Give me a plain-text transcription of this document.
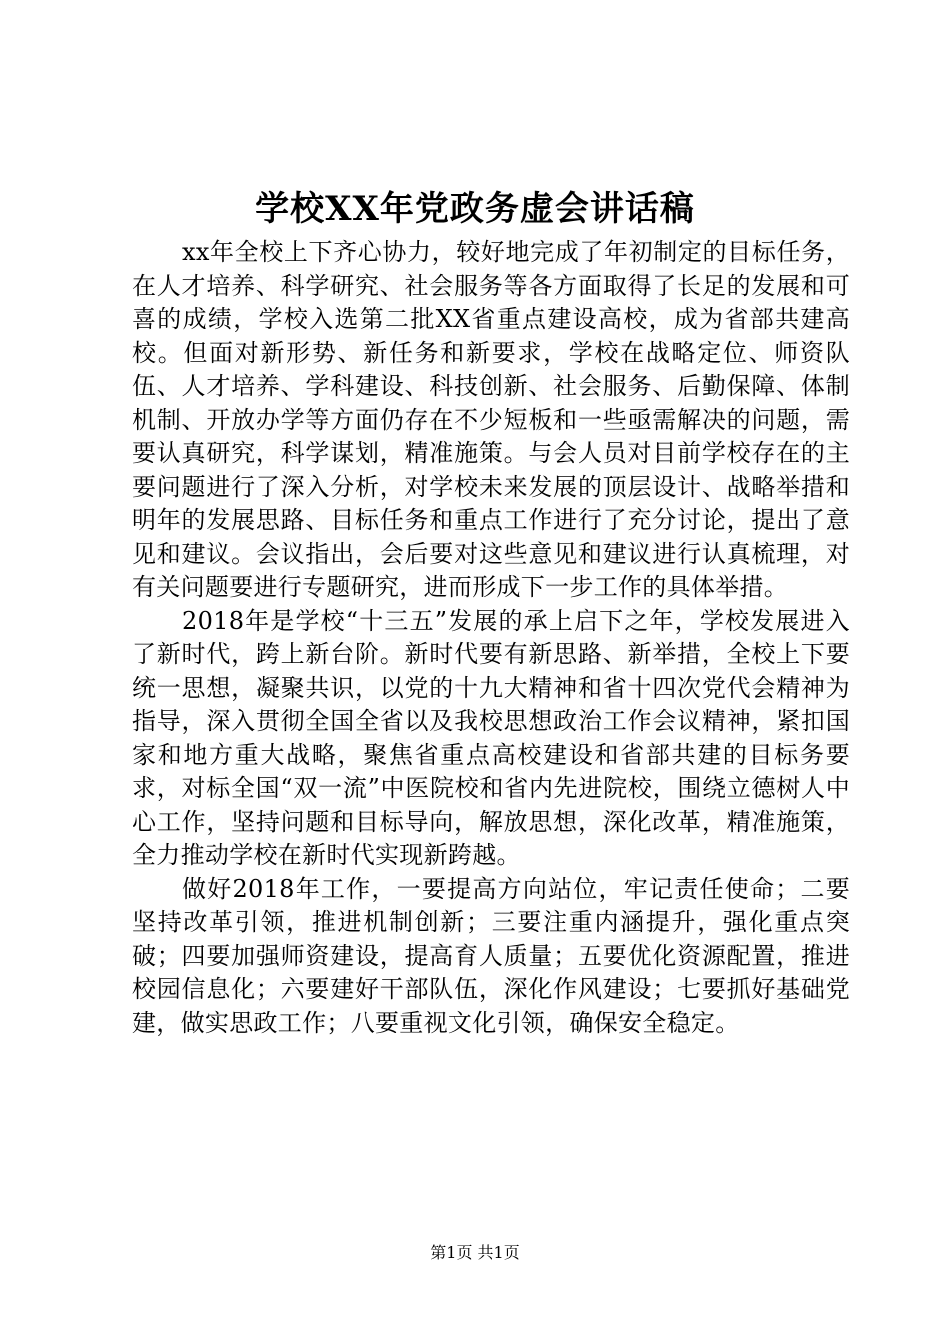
学校XX年党政务虚会讲话稿

xx年全校上下齐心协力，较好地完成了年初制定的目标任务，在人才培养、科学研究、社会服务等各方面取得了长足的发展和可喜的成绩，学校入选第二批XX省重点建设高校，成为省部共建高校。但面对新形势、新任务和新要求，学校在战略定位、师资队伍、人才培养、学科建设、科技创新、社会服务、后勤保障、体制机制、开放办学等方面仍存在不少短板和一些亟需解决的问题，需要认真研究，科学谋划，精准施策。与会人员对目前学校存在的主要问题进行了深入分析，对学校未来发展的顶层设计、战略举措和明年的发展思路、目标任务和重点工作进行了充分讨论，提出了意见和建议。会议指出，会后要对这些意见和建议进行认真梳理，对有关问题要进行专题研究，进而形成下一步工作的具体举措。

2018年是学校“十三五”发展的承上启下之年，学校发展进入了新时代，跨上新台阶。新时代要有新思路、新举措，全校上下要统一思想，凝聚共识，以党的十九大精神和省十四次党代会精神为指导，深入贯彻全国全省以及我校思想政治工作会议精神，紧扣国家和地方重大战略，聚焦省重点高校建设和省部共建的目标务要求，对标全国“双一流”中医院校和省内先进院校，围绕立德树人中心工作，坚持问题和目标导向，解放思想，深化改革，精准施策，全力推动学校在新时代实现新跨越。

做好2018年工作，一要提高方向站位，牢记责任使命；二要坚持改革引领，推进机制创新；三要注重内涵提升，强化重点突破；四要加强师资建设，提高育人质量；五要优化资源配置，推进校园信息化；六要建好干部队伍，深化作风建设；七要抓好基础党建，做实思政工作；八要重视文化引领，确保安全稳定。

第1页 共1页
